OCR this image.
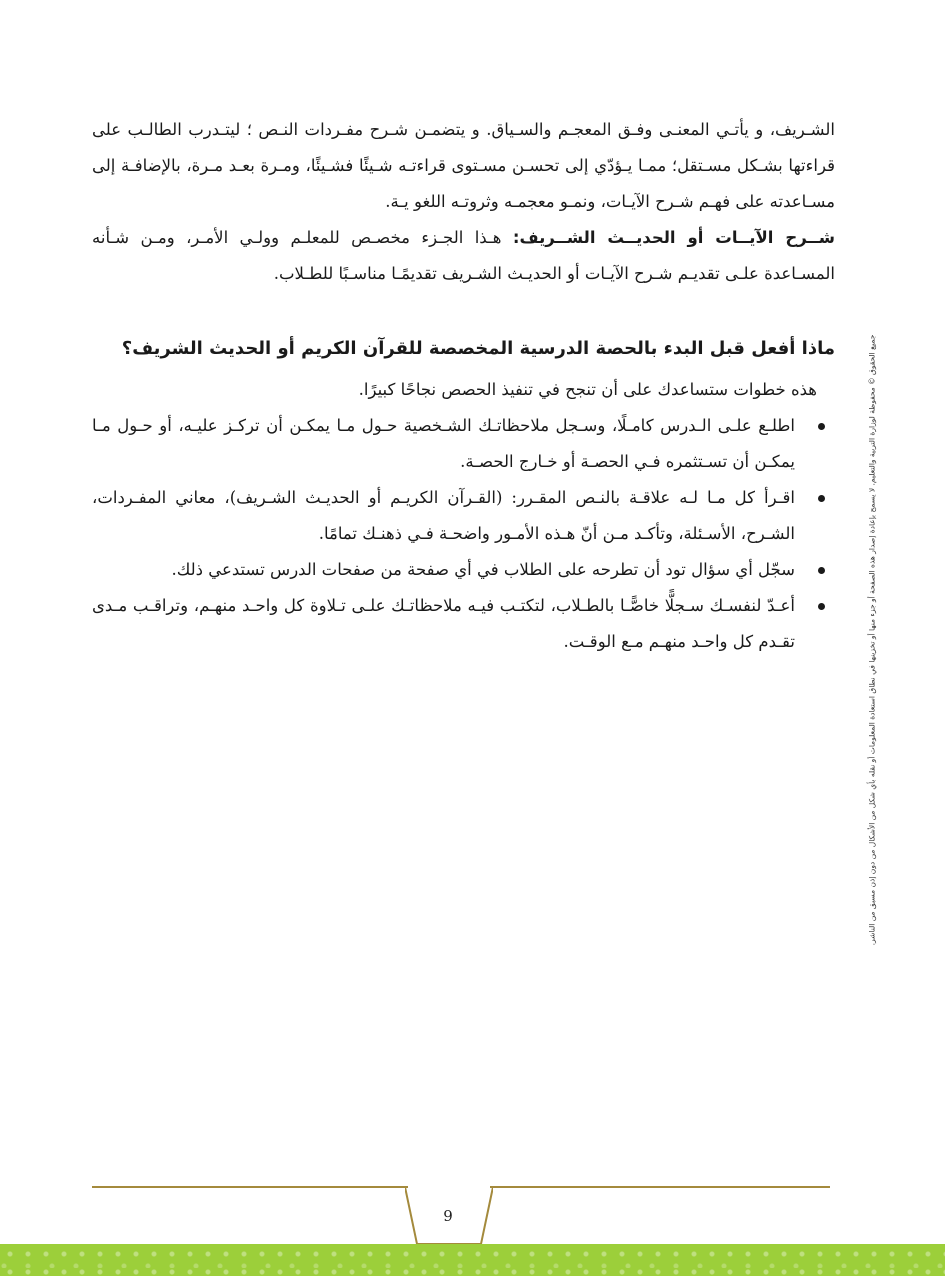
الشـريف، و يأتـي المعنـى وفـق المعجـم والسـياق. و يتضمـن شـرح مفـردات النـص ؛ ليتـدرب الطالـب على قراءتها بشـكل مسـتقل؛ ممـا يـؤدّي إلى تحسـن مسـتوى قراءتـه شـيئًا فشـيئًا، ومـرة بعـد مـرة، بالإضافـة إلى مسـاعدته على فهـم شـرح الآيـات، ونمـو معجمـه وثروتـه اللغو يـة.

شــرح الآيــات أو الحديــث الشــريف: هـذا الجـزء مخصـص للمعلـم وولـي الأمـر، ومـن شـأنه المسـاعدة علـى تقديـم شـرح الآيـات أو الحديـث الشـريف تقديمًـا مناسـبًا للطـلاب.

ماذا أفعل قبل البدء بالحصة الدرسية المخصصة للقرآن الكريم أو الحديث الشريف؟

هذه خطوات ستساعدك على أن تنجح في تنفيذ الحصص نجاحًا كبيرًا.

اطلـع علـى الـدرس كامـلًا، وسـجل ملاحظاتـك الشـخصية حـول مـا يمكـن أن تركـز عليـه، أو حـول مـا يمكـن أن تسـتثمره فـي الحصـة أو خـارج الحصـة.
اقـرأ كل مـا لـه علاقـة بالنـص المقـرر: (القـرآن الكريـم أو الحديـث الشـريف)، معاني المفـردات، الشـرح، الأسـئلة، وتأكـد مـن أنّ هـذه الأمـور واضحـة فـي ذهنـك تمامًا.
سجّل أي سؤال تود أن تطرحه على الطلاب في أي صفحة من صفحات الدرس تستدعي ذلك.
أعـدّ لنفسـك سـجلًّا خاصًّـا بالطـلاب، لتكتـب فيـه ملاحظاتـك علـى تـلاوة كل واحـد منهـم، وتراقـب مـدى تقـدم كل واحـد منهـم مـع الوقـت.	جميع الحقوق © محفوظة لوزارة التربية والتعليم. لا يسمح بإعادة إصدار هذه الصفحة أو جزء منها أو تخزينها في نطاق استعادة المعلومات أو نقله بأي شكل من الأشكال من دون إذن مسبق من الناشر.
9
